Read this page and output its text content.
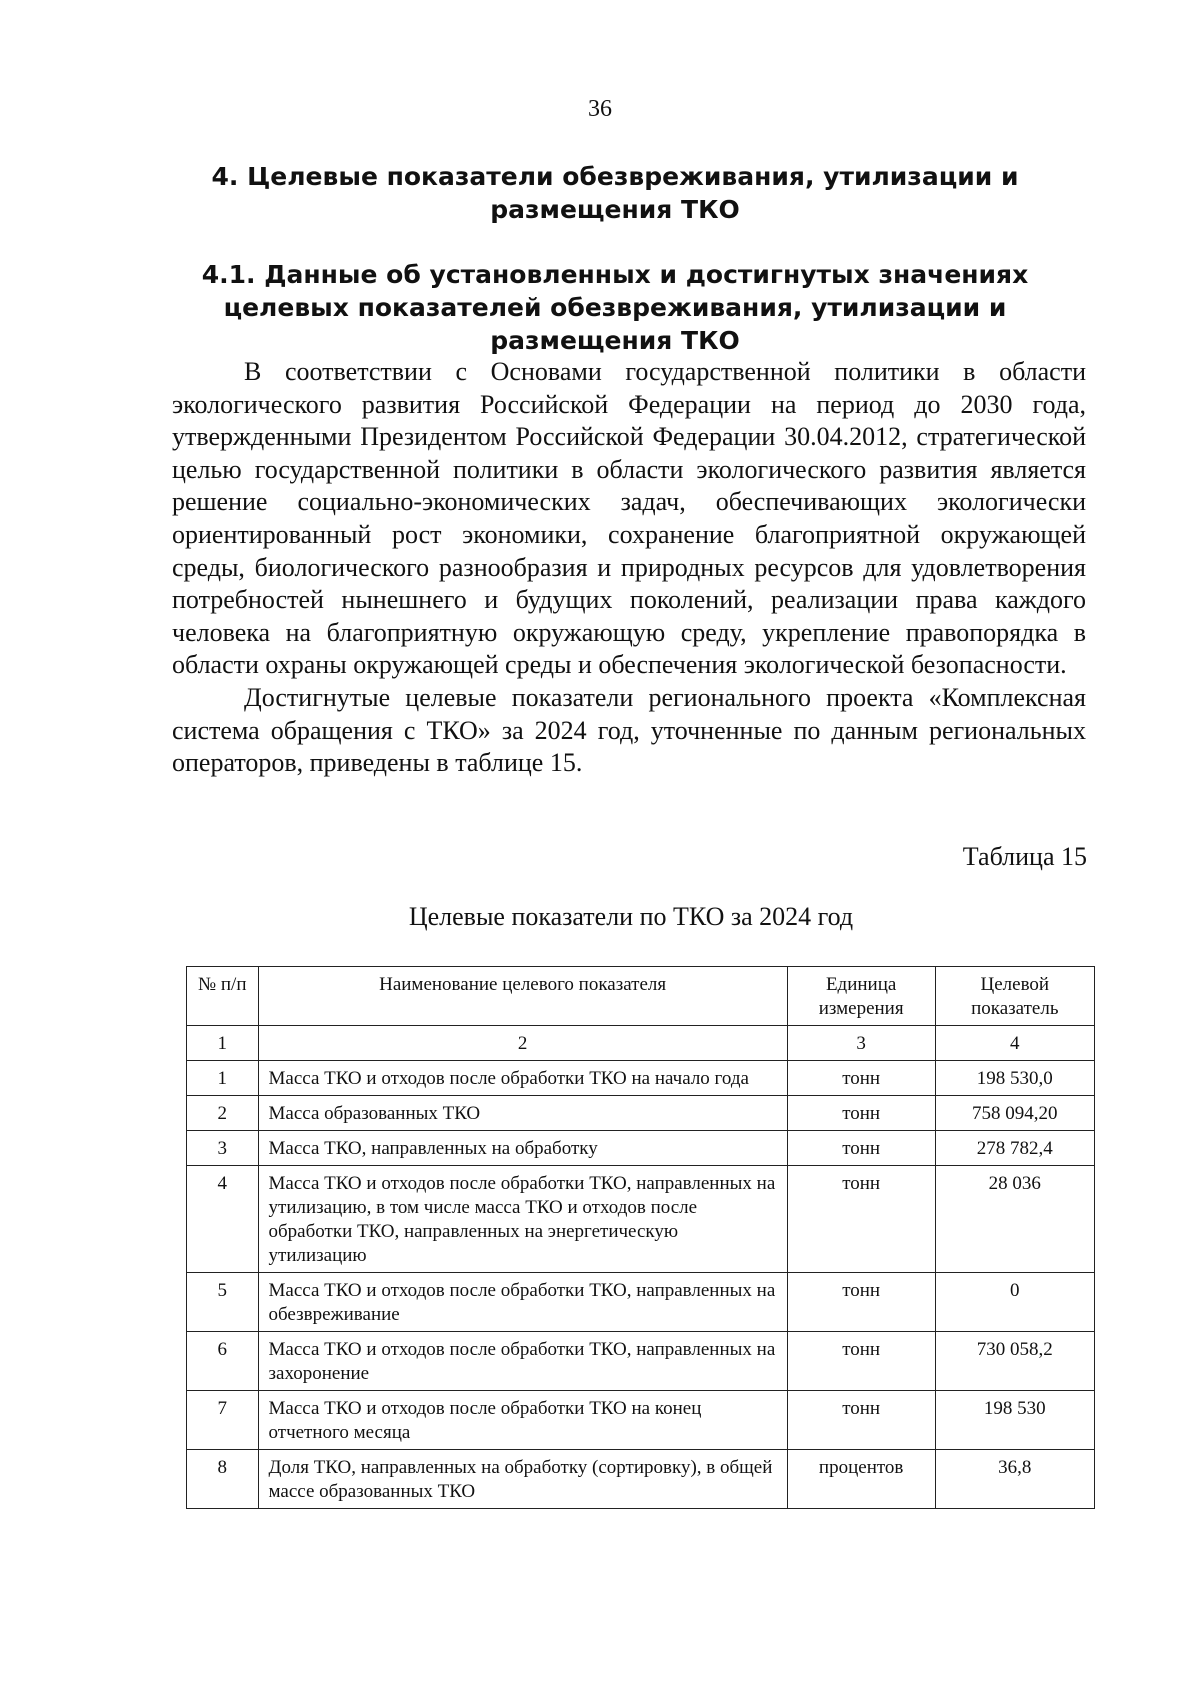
36
4. Целевые показатели обезвреживания, утилизации и размещения ТКО
4.1. Данные об установленных и достигнутых значениях целевых показателей обезвреживания, утилизации и размещения ТКО

В соответствии с Основами государственной политики в области экологического развития Российской Федерации на период до 2030 года, утвержденными Президентом Российской Федерации 30.04.2012, стратегической целью государственной политики в области экологического развития является решение социально-экономических задач, обеспечивающих экологически ориентированный рост экономики, сохранение благоприятной окружающей среды, биологического разнообразия и природных ресурсов для удовлетворения потребностей нынешнего и будущих поколений, реализации права каждого человека на благоприятную окружающую среду, укрепление правопорядка в области охраны окружающей среды и обеспечения экологической безопасности.

Достигнутые целевые показатели регионального проекта «Комплексная система обращения с ТКО» за 2024 год, уточненные по данным региональных операторов, приведены в таблице 15.

Таблица 15
Целевые показатели по ТКО за 2024 год
№ п/п	Наименование целевого показателя	Единица измерения	Целевой показатель
1	2	3	4
1	Масса ТКО и отходов после обработки ТКО на начало года	тонн	198 530,0
2	Масса образованных ТКО	тонн	758 094,20
3	Масса ТКО, направленных на обработку	тонн	278 782,4
4	Масса ТКО и отходов после обработки ТКО, направленных на утилизацию, в том числе масса ТКО и отходов после обработки ТКО, направленных на энергетическую утилизацию	тонн	28 036
5	Масса ТКО и отходов после обработки ТКО, направленных на обезвреживание	тонн	0
6	Масса ТКО и отходов после обработки ТКО, направленных на захоронение	тонн	730 058,2
7	Масса ТКО и отходов после обработки ТКО на конец отчетного месяца	тонн	198 530
8	Доля ТКО, направленных на обработку (сортировку), в общей массе образованных ТКО	процентов	36,8
